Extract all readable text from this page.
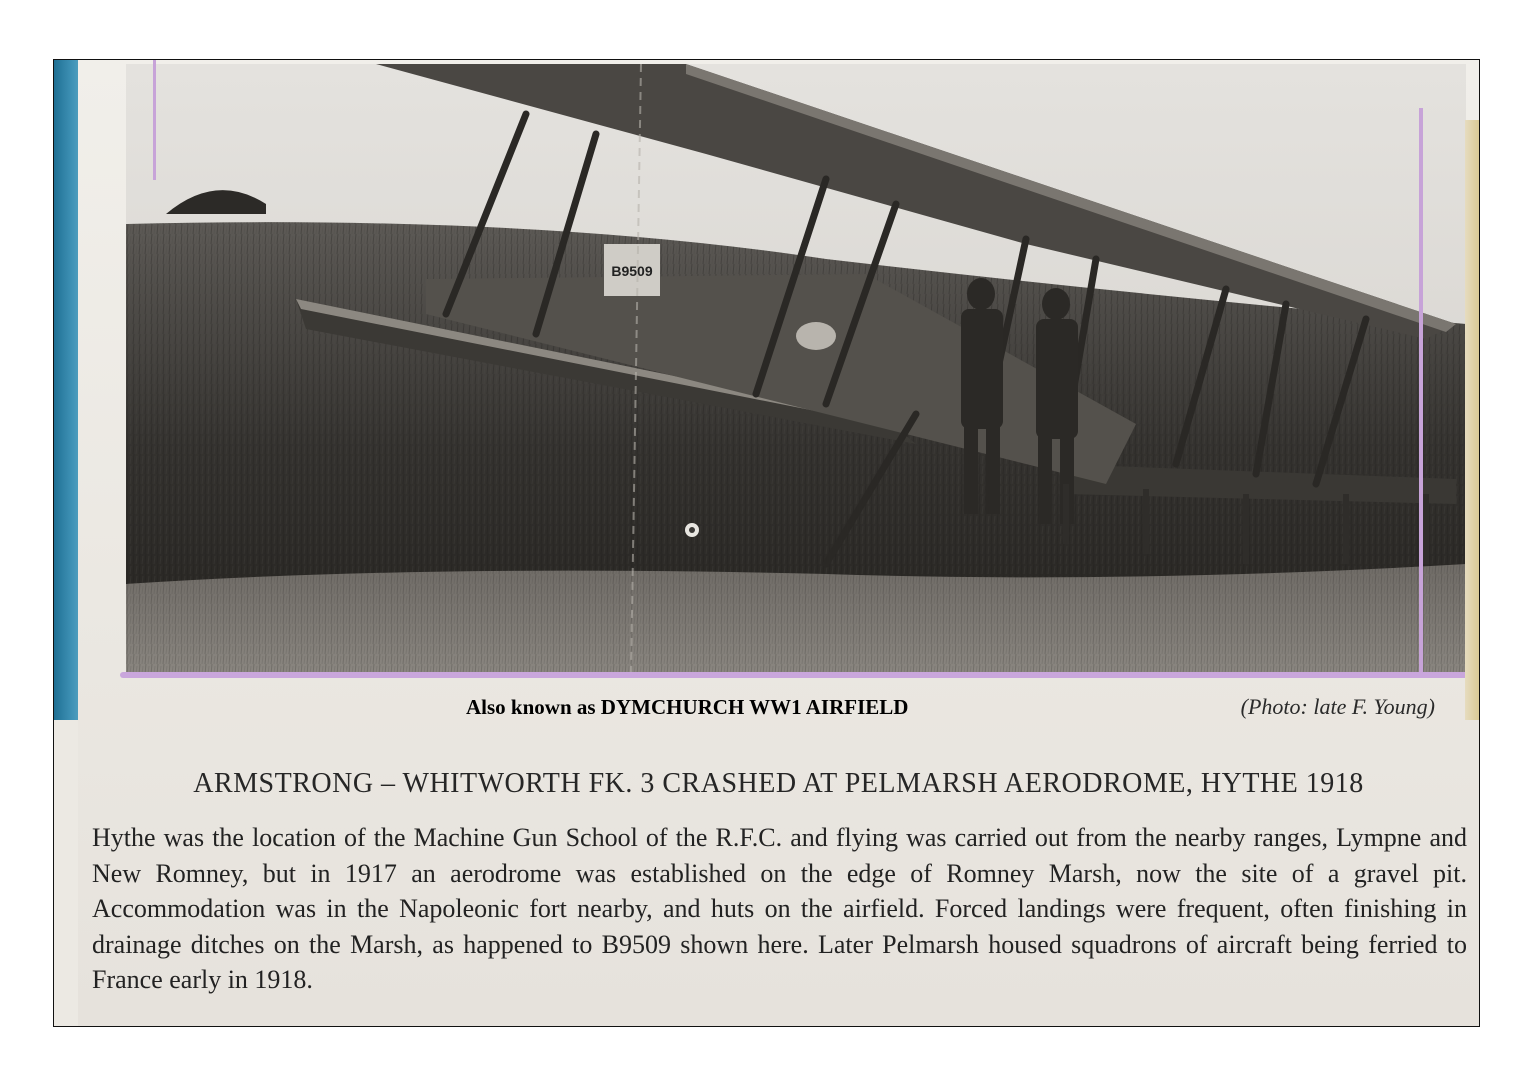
B9509
Also known as DYMCHURCH WW1 AIRFIELD	(Photo: late F. Young)
ARMSTRONG – WHITWORTH FK. 3 CRASHED AT PELMARSH AERODROME, HYTHE 1918
Hythe was the location of the Machine Gun School of the R.F.C. and flying was carried out from the nearby ranges, Lympne and New Romney, but in 1917 an aerodrome was established on the edge of Romney Marsh, now the site of a gravel pit. Accommodation was in the Napoleonic fort nearby, and huts on the airfield. Forced landings were frequent, often finishing in drainage ditches on the Marsh, as happened to B9509 shown here. Later Pelmarsh housed squadrons of aircraft being ferried to France early in 1918.
